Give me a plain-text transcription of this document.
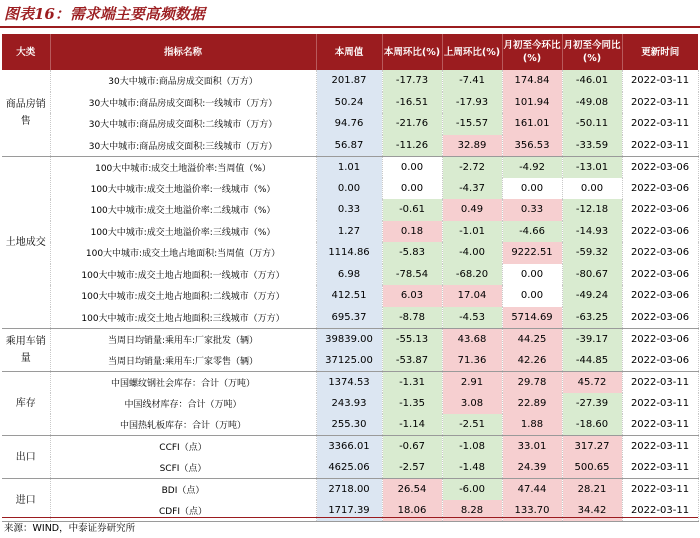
图表16：需求端主要高频数据
大类	指标名称	本周值	本周环比(%)	上周环比(%)	月初至今环比(%)	月初至今同比(%)	更新时间
商品房销售	30大中城市:商品房成交面积（万方）	201.87	-17.73	-7.41	174.84	-46.01	2022-03-11
	30大中城市:商品房成交面积:一线城市（万方）	50.24	-16.51	-17.93	101.94	-49.08	2022-03-11
	30大中城市:商品房成交面积:二线城市（万方）	94.76	-21.76	-15.57	161.01	-50.11	2022-03-11
	30大中城市:商品房成交面积:三线城市（万方）	56.87	-11.26	32.89	356.53	-33.59	2022-03-11
土地成交	100大中城市:成交土地溢价率:当周值（%）	1.01	0.00	-2.72	-4.92	-13.01	2022-03-06
	100大中城市:成交土地溢价率:一线城市（%）	0.00	0.00	-4.37	0.00	0.00	2022-03-06
	100大中城市:成交土地溢价率:二线城市（%）	0.33	-0.61	0.49	0.33	-12.18	2022-03-06
	100大中城市:成交土地溢价率:三线城市（%）	1.27	0.18	-1.01	-4.66	-14.93	2022-03-06
	100大中城市:成交土地占地面积:当周值（万方）	1114.86	-5.83	-4.00	9222.51	-59.32	2022-03-06
	100大中城市:成交土地占地面积:一线城市（万方）	6.98	-78.54	-68.20	0.00	-80.67	2022-03-06
	100大中城市:成交土地占地面积:二线城市（万方）	412.51	6.03	17.04	0.00	-49.24	2022-03-06
	100大中城市:成交土地占地面积:三线城市（万方）	695.37	-8.78	-4.53	5714.69	-63.25	2022-03-06
乘用车销量	当周日均销量:乘用车:厂家批发（辆）	39839.00	-55.13	43.68	44.25	-39.17	2022-03-06
	当周日均销量:乘用车:厂家零售（辆）	37125.00	-53.87	71.36	42.26	-44.85	2022-03-06
库存	中国螺纹钢社会库存：合计（万吨）	1374.53	-1.31	2.91	29.78	45.72	2022-03-11
	中国线材库存：合计（万吨）	243.93	-1.35	3.08	22.89	-27.39	2022-03-11
	中国热轧板库存：合计（万吨）	255.30	-1.14	-2.51	1.88	-18.60	2022-03-11
出口	CCFI（点）	3366.01	-0.67	-1.08	33.01	317.27	2022-03-11
	SCFI（点）	4625.06	-2.57	-1.48	24.39	500.65	2022-03-11
进口	BDI（点）	2718.00	26.54	-6.00	47.44	28.21	2022-03-11
	CDFI（点）	1717.39	18.06	8.28	133.70	34.42	2022-03-11
来源：WIND，中泰证券研究所
